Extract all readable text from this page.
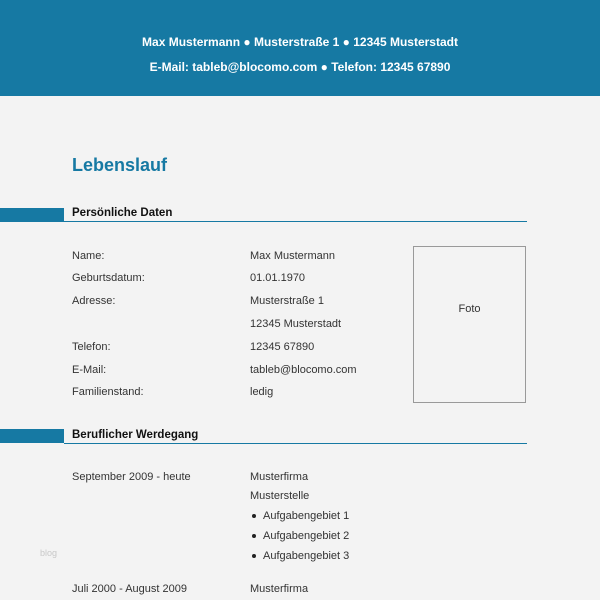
Max Mustermann ● Musterstraße 1 ● 12345 Musterstadt
E-Mail: tableb@blocomo.com ● Telefon: 12345 67890
Lebenslauf
Persönliche Daten
Name:	Max Mustermann
Geburtsdatum:	01.01.1970
Adresse:	Musterstraße 1
12345 Musterstadt
Telefon:	12345 67890
E-Mail:	tableb@blocomo.com
Familienstand:	ledig
Foto
Beruflicher Werdegang
September 2009 - heute	Musterfirma
Musterstelle
Aufgabengebiet 1
Aufgabengebiet 2
Aufgabengebiet 3
Juli 2000 - August 2009	Musterfirma
blog
